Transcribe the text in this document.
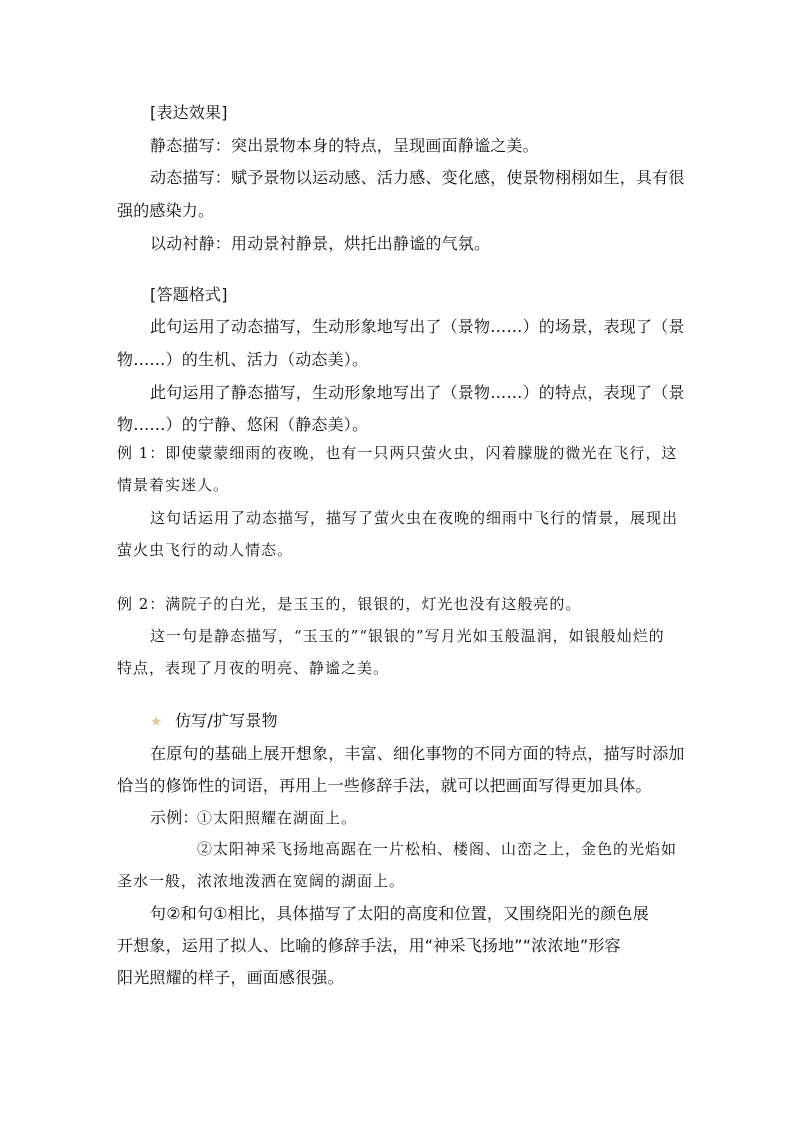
[表达效果]
静态描写：突出景物本身的特点，呈现画面静谧之美。
动态描写：赋予景物以运动感、活力感、变化感，使景物栩栩如生，具有很
强的感染力。
以动衬静：用动景衬静景，烘托出静谧的气氛。
[答题格式]
此句运用了动态描写，生动形象地写出了（景物……）的场景，表现了（景
物……）的生机、活力（动态美）。
此句运用了静态描写，生动形象地写出了（景物……）的特点，表现了（景
物……）的宁静、悠闲（静态美）。
例 1：即使蒙蒙细雨的夜晚，也有一只两只萤火虫，闪着朦胧的微光在飞行，这
情景着实迷人。
这句话运用了动态描写，描写了萤火虫在夜晚的细雨中飞行的情景，展现出
萤火虫飞行的动人情态。
例 2：满院子的白光，是玉玉的，银银的，灯光也没有这般亮的。
这一句是静态描写，“玉玉的”“银银的”写月光如玉般温润，如银般灿烂的
特点，表现了月夜的明亮、静谧之美。
★ 仿写/扩写景物
在原句的基础上展开想象，丰富、细化事物的不同方面的特点，描写时添加
恰当的修饰性的词语，再用上一些修辞手法，就可以把画面写得更加具体。
示例：
①太阳照耀在湖面上。
②太阳神采飞扬地高踞在一片松柏、楼阁、山峦之上，金色的光焰如
圣水一般，浓浓地泼洒在宽阔的湖面上。
句②和句①相比，具体描写了太阳的高度和位置，又围绕阳光的颜色展
开想象，运用了拟人、比喻的修辞手法，用“神采飞扬地”“浓浓地”形容
阳光照耀的样子，画面感很强。
